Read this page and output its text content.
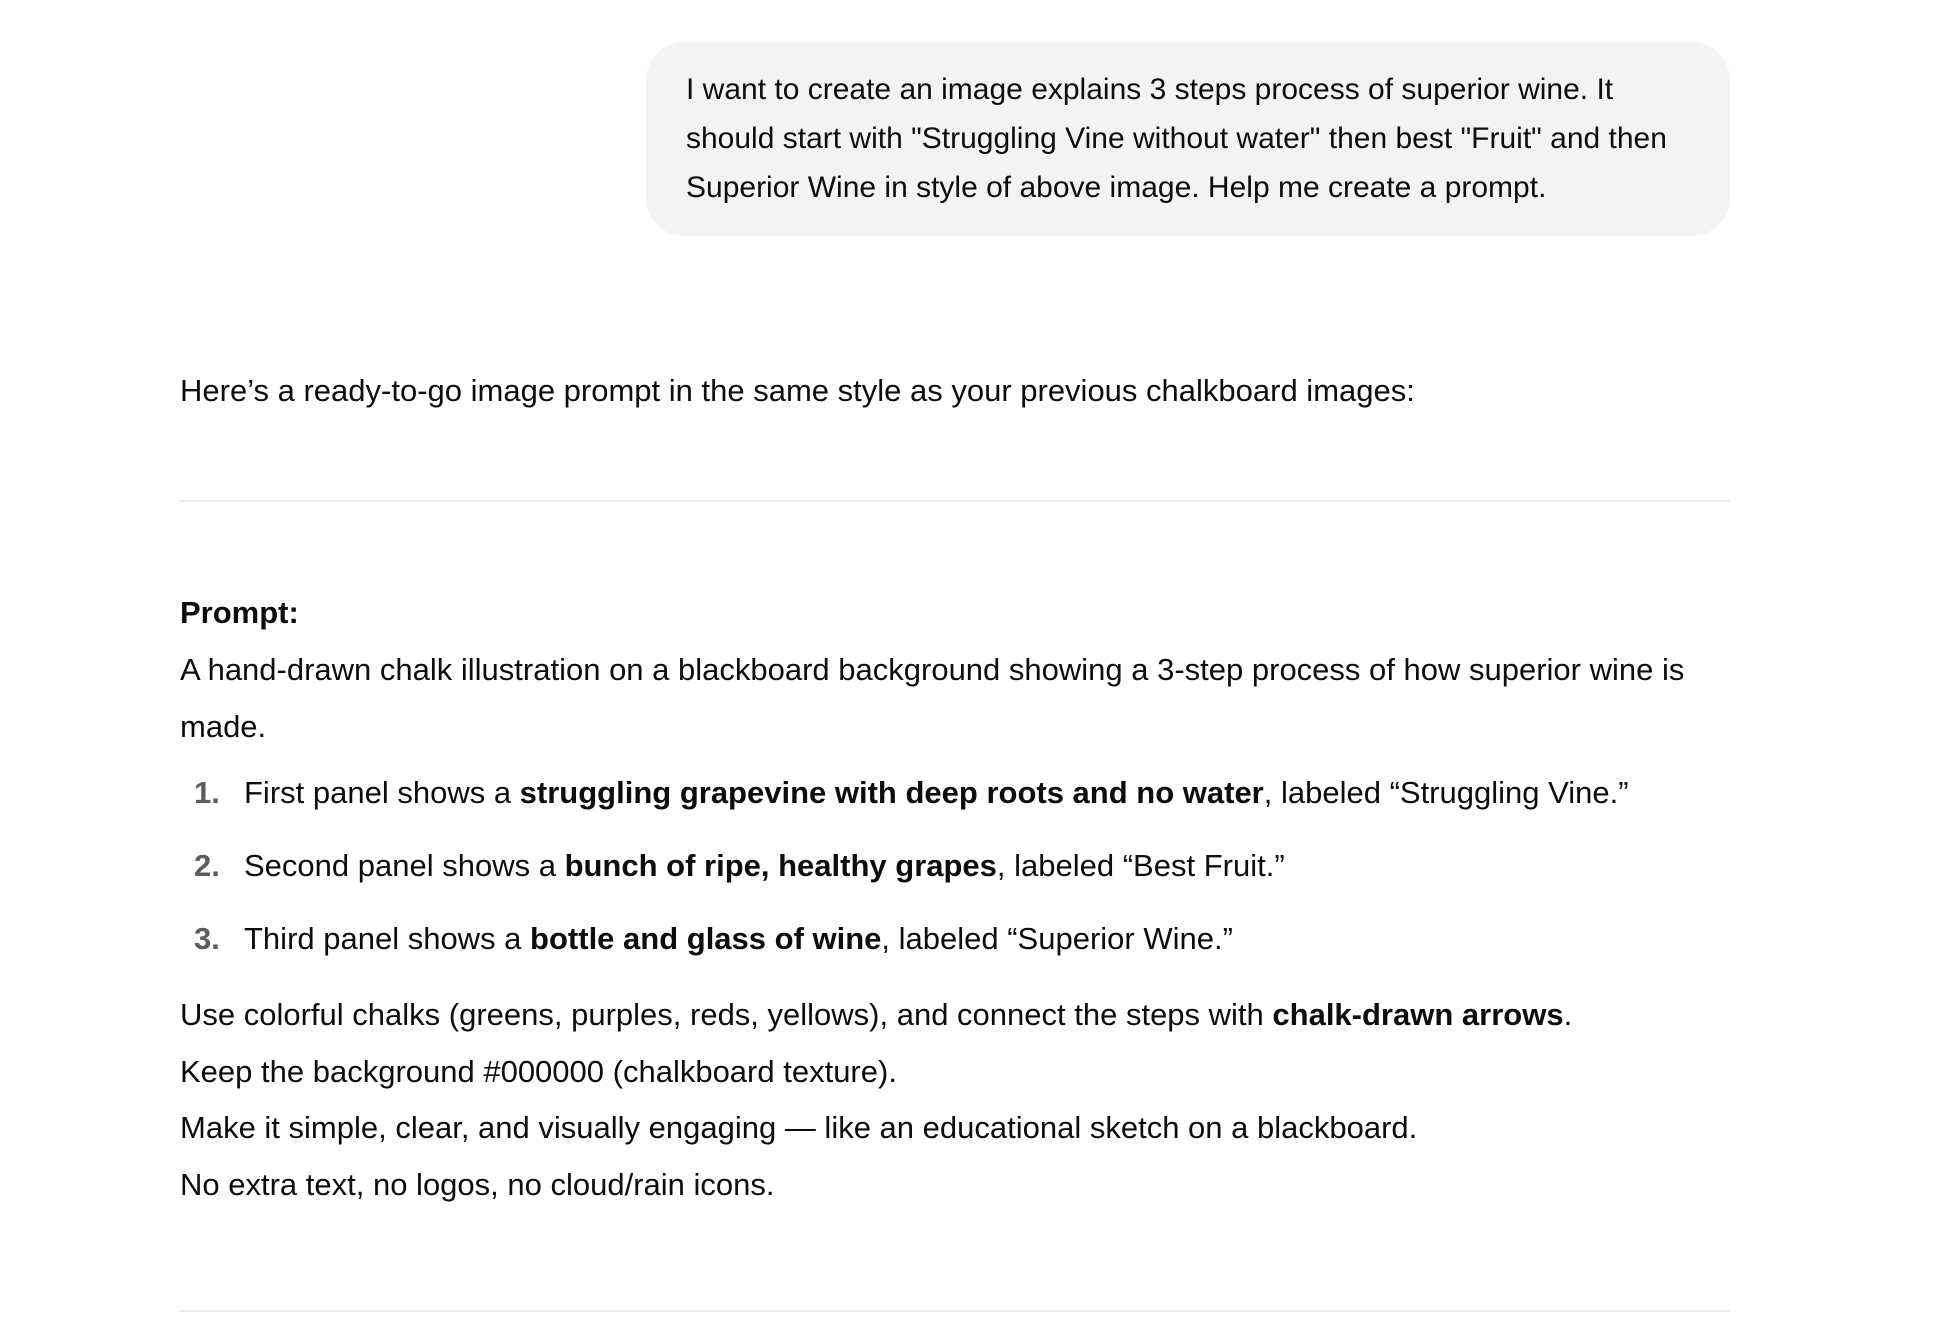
I want to create an image explains 3 steps process of superior wine. It should start with "Struggling Vine without water" then best "Fruit" and then Superior Wine in style of above image. Help me create a prompt.

Here’s a ready-to-go image prompt in the same style as your previous chalkboard images:

Prompt:

A hand-drawn chalk illustration on a blackboard background showing a 3-step process of how superior wine is made.

1. First panel shows a struggling grapevine with deep roots and no water, labeled “Struggling Vine.”
2. Second panel shows a bunch of ripe, healthy grapes, labeled “Best Fruit.”
3. Third panel shows a bottle and glass of wine, labeled “Superior Wine.”
Use colorful chalks (greens, purples, reds, yellows), and connect the steps with chalk-drawn arrows.
Keep the background #000000 (chalkboard texture).
Make it simple, clear, and visually engaging — like an educational sketch on a blackboard.
No extra text, no logos, no cloud/rain icons.
